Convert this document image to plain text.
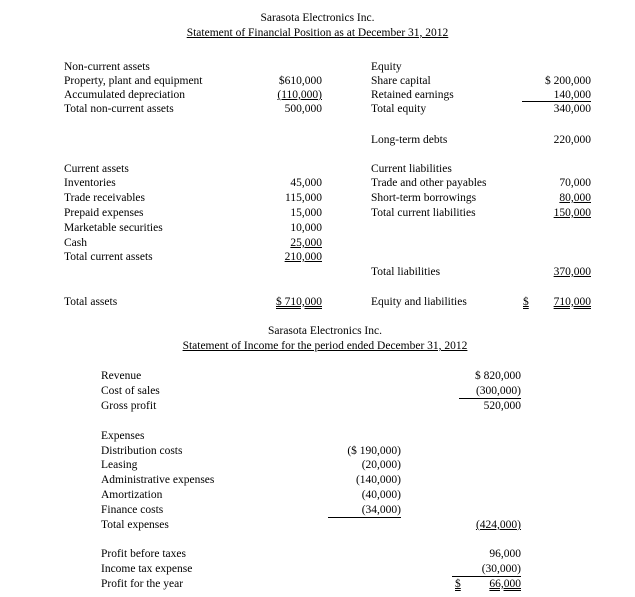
Sarasota Electronics Inc.
Statement of Financial Position as at December 31, 2012
Non-current assets
Property, plant and equipment	$610,000
Accumulated depreciation	(110,000)
Total non-current assets	500,000
Equity
Share capital	$ 200,000
Retained earnings	140,000
Total equity	340,000
Long-term debts	220,000
Current assets
Inventories	45,000
Trade receivables	115,000
Prepaid expenses	15,000
Marketable securities	10,000
Cash	25,000
Total current assets	210,000
Current liabilities
Trade and other payables	70,000
Short-term borrowings	80,000
Total current liabilities	150,000
Total liabilities	370,000
Total assets	$ 710,000	Equity and liabilities	$	710,000
Sarasota Electronics Inc.
Statement of Income for the period ended December 31, 2012
Revenue	$ 820,000
Cost of sales	(300,000)
Gross profit	520,000
Expenses
Distribution costs	($ 190,000)
Leasing	(20,000)
Administrative expenses	(140,000)
Amortization	(40,000)
Finance costs	(34,000)
Total expenses	(424,000)
Profit before taxes	96,000
Income tax expense	(30,000)
Profit for the year	$	66,000
